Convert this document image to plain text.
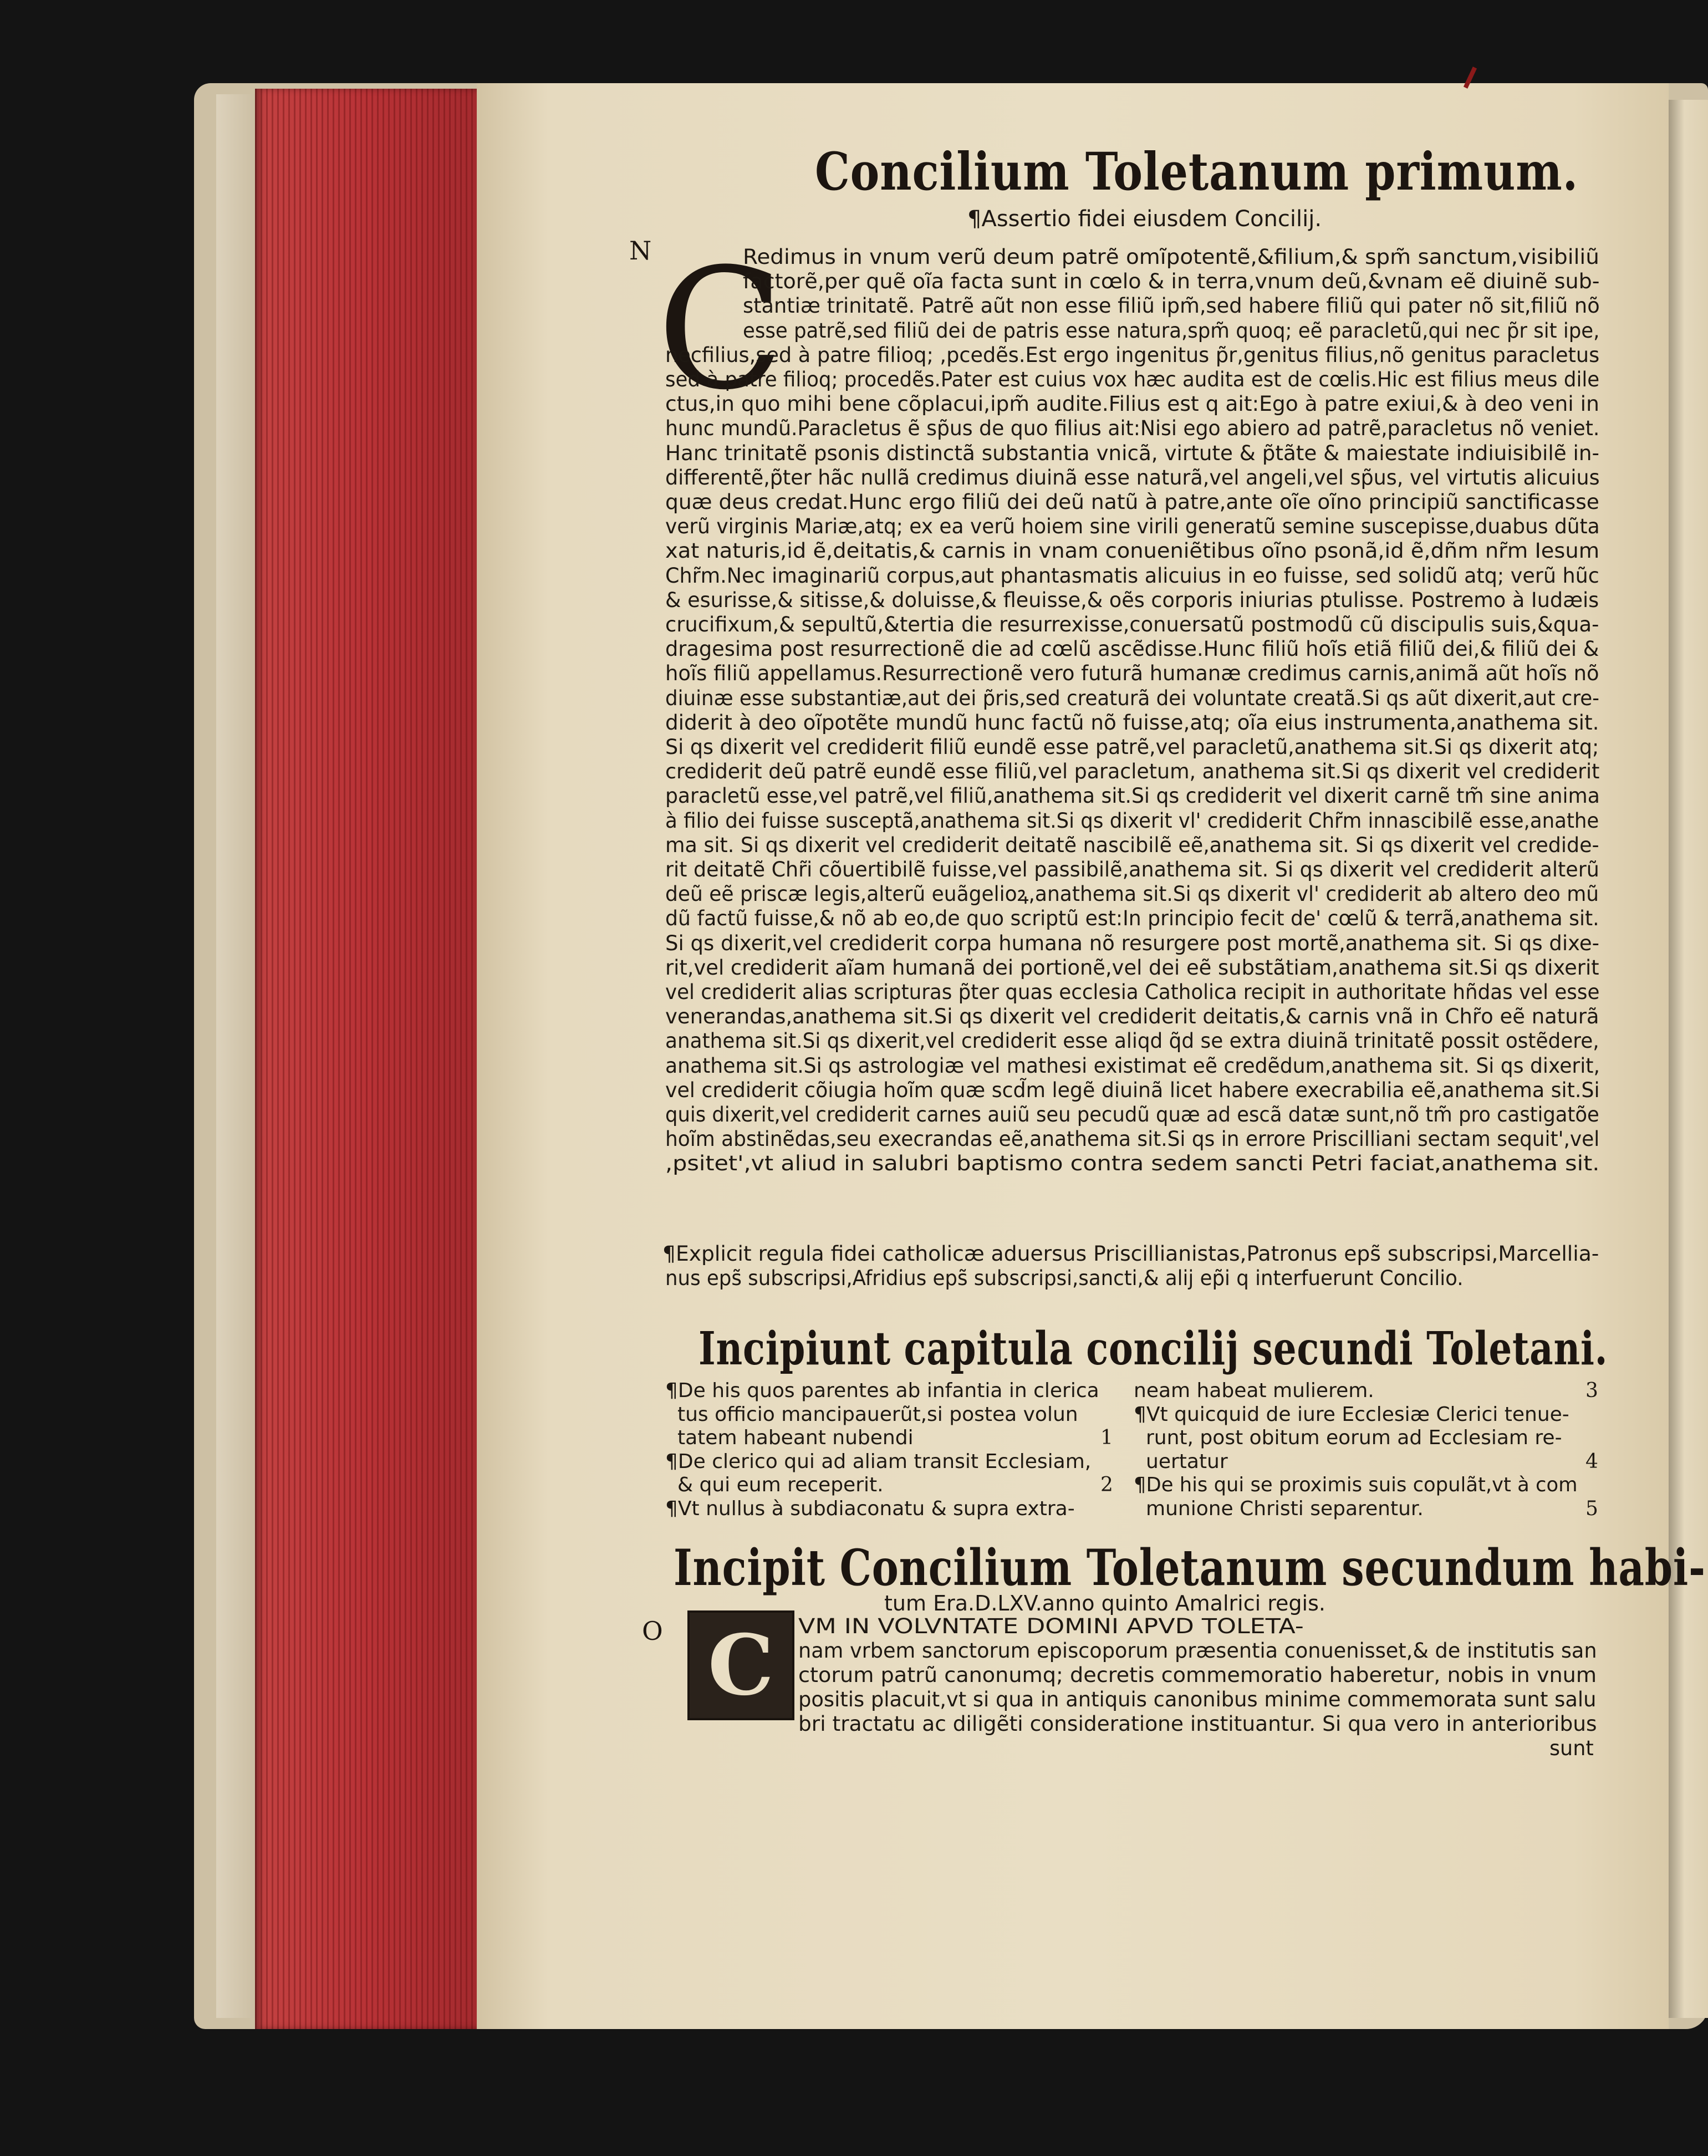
Concilium Toletanum primum.
¶Assertio fidei eiusdem Concilij.
N C
Redimus in vnum verũ deum patrẽ omĩpotentẽ,&filium,& spm̃ sanctum,visibiliũ
factorẽ,per quẽ oĩa facta sunt in cœlo & in terra,vnum deũ,&vnam eẽ diuinẽ sub-
stantiæ trinitatẽ. Patrẽ aũt non esse filiũ ipm̃,sed habere filiũ qui pater nõ sit,filiũ nõ
esse patrẽ,sed filiũ dei de patris esse natura,spm̃ quoq; eẽ paracletũ,qui nec p̃r sit ipe,
necfilius,sed à patre filioq; ,pcedẽs.Est ergo ingenitus p̃r,genitus filius,nõ genitus paracletus
sed à patre filioq; procedẽs.Pater est cuius vox hæc audita est de cœlis.Hic est filius meus dile
ctus,in quo mihi bene cõplacui,ipm̃ audite.Filius est q ait:Ego à patre exiui,& à deo veni in
hunc mundũ.Paracletus ẽ sp̃us de quo filius ait:Nisi ego abiero ad patrẽ,paracletus nõ veniet.
Hanc trinitatẽ psonis distinctã substantia vnicã, virtute & p̃tãte & maiestate indiuisibilẽ in-
differentẽ,p̃ter hãc nullã credimus diuinã esse naturã,vel angeli,vel sp̃us, vel virtutis alicuius
quæ deus credat.Hunc ergo filiũ dei deũ natũ à patre,ante oĩe oĩno principiũ sanctificasse
verũ virginis Mariæ,atq; ex ea verũ hoiem sine virili generatũ semine suscepisse,duabus dũta
xat naturis,id ẽ,deitatis,& carnis in vnam conueniẽtibus oĩno psonã,id ẽ,dñm nr̃m Iesum
Chr̃m.Nec imaginariũ corpus,aut phantasmatis alicuius in eo fuisse, sed solidũ atq; verũ hũc
& esurisse,& sitisse,& doluisse,& fleuisse,& oẽs corporis iniurias ptulisse. Postremo à Iudæis
crucifixum,& sepultũ,&tertia die resurrexisse,conuersatũ postmodũ cũ discipulis suis,&qua-
dragesima post resurrectionẽ die ad cœlũ ascẽdisse.Hunc filiũ hoĩs etiã filiũ dei,& filiũ dei &
hoĩs filiũ appellamus.Resurrectionẽ vero futurã humanæ credimus carnis,animã aũt hoĩs nõ
diuinæ esse substantiæ,aut dei p̃ris,sed creaturã dei voluntate creatã.Si qs aũt dixerit,aut cre-
diderit à deo oĩpotẽte mundũ hunc factũ nõ fuisse,atq; oĩa eius instrumenta,anathema sit.
Si qs dixerit vel crediderit filiũ eundẽ esse patrẽ,vel paracletũ,anathema sit.Si qs dixerit atq;
crediderit deũ patrẽ eundẽ esse filiũ,vel paracletum, anathema sit.Si qs dixerit vel crediderit
paracletũ esse,vel patrẽ,vel filiũ,anathema sit.Si qs crediderit vel dixerit carnẽ tm̃ sine anima
à filio dei fuisse susceptã,anathema sit.Si qs dixerit vl' crediderit Chr̃m innascibilẽ esse,anathe
ma sit. Si qs dixerit vel crediderit deitatẽ nascibilẽ eẽ,anathema sit. Si qs dixerit vel credide-
rit deitatẽ Chr̃i cõuertibilẽ fuisse,vel passibilẽ,anathema sit. Si qs dixerit vel crediderit alterũ
deũ eẽ priscæ legis,alterũ euãgelioꝝ,anathema sit.Si qs dixerit vl' crediderit ab altero deo mũ
dũ factũ fuisse,& nõ ab eo,de quo scriptũ est:In principio fecit de' cœlũ & terrã,anathema sit.
Si qs dixerit,vel crediderit corpa humana nõ resurgere post mortẽ,anathema sit. Si qs dixe-
rit,vel crediderit aĩam humanã dei portionẽ,vel dei eẽ substãtiam,anathema sit.Si qs dixerit
vel crediderit alias scripturas p̃ter quas ecclesia Catholica recipit in authoritate hñdas vel esse
venerandas,anathema sit.Si qs dixerit vel crediderit deitatis,& carnis vnã in Chr̃o eẽ naturã
anathema sit.Si qs dixerit,vel crediderit esse aliqd q̃d se extra diuinã trinitatẽ possit ostẽdere,
anathema sit.Si qs astrologiæ vel mathesi existimat eẽ credẽdum,anathema sit. Si qs dixerit,
vel crediderit cõiugia hoĩm quæ scd̃m legẽ diuinã licet habere execrabilia eẽ,anathema sit.Si
quis dixerit,vel crediderit carnes auiũ seu pecudũ quæ ad escã datæ sunt,nõ tm̃ pro castigatõe
hoĩm abstinẽdas,seu execrandas eẽ,anathema sit.Si qs in errore Priscilliani sectam sequit',vel
,psitet',vt aliud in salubri baptismo contra sedem sancti Petri faciat,anathema sit.
¶Explicit regula fidei catholicæ aduersus Priscillianistas,Patronus eps̃ subscripsi,Marcellia-
nus eps̃ subscripsi,Afridius eps̃ subscripsi,sancti,& alij ep̃i q interfuerunt Concilio.
Incipiunt capitula concilij secundi Toletani.
¶De his quos parentes ab infantia in clerica
tus officio mancipauerũt,si postea volun
tatem habeant nubendi	1
¶De clerico qui ad aliam transit Ecclesiam,
& qui eum receperit.	2
¶Vt nullus à subdiaconatu & supra extra-
neam habeat mulierem.	3
¶Vt quicquid de iure Ecclesiæ Clerici tenue-
runt, post obitum eorum ad Ecclesiam re-
uertatur	4
¶De his qui se proximis suis copulãt,vt à com
munione Christi separentur.	5
Incipit Concilium Toletanum secundum habi-
tum Era.D.LXV.anno quinto Amalrici regis.
O C	VM IN VOLVNTATE DOMINI APVD TOLETA-
nam vrbem sanctorum episcoporum præsentia conuenisset,& de institutis san
ctorum patrũ canonumq; decretis commemoratio haberetur, nobis in vnum
positis placuit,vt si qua in antiquis canonibus minime commemorata sunt salu
bri tractatu ac diligẽti consideratione instituantur. Si qua vero in anterioribus
sunt
